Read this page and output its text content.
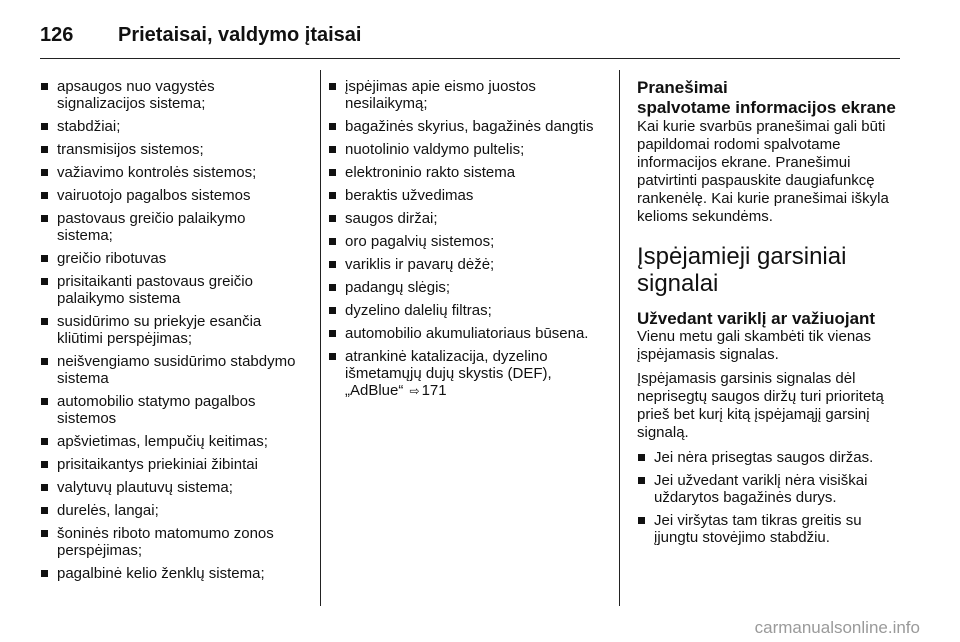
126	Prietaisai, valdymo įtaisai
apsaugos nuo vagystės signalizacijos sistema;
stabdžiai;
transmisijos sistemos;
važiavimo kontrolės sistemos;
vairuotojo pagalbos sistemos
pastovaus greičio palaikymo sistema;
greičio ribotuvas
prisitaikanti pastovaus greičio palaikymo sistema
susidūrimo su priekyje esančia kliūtimi perspėjimas;
neišvengiamo susidūrimo stabdymo sistema
automobilio statymo pagalbos sistemos
apšvietimas, lempučių keitimas;
prisitaikantys priekiniai žibintai
valytuvų plautuvų sistema;
durelės, langai;
šoninės riboto matomumo zonos perspėjimas;
pagalbinė kelio ženklų sistema;
įspėjimas apie eismo juostos nesilaikymą;
bagažinės skyrius, bagažinės dangtis
nuotolinio valdymo pultelis;
elektroninio rakto sistema
beraktis užvedimas
saugos diržai;
oro pagalvių sistemos;
variklis ir pavarų dėžė;
padangų slėgis;
dyzelino dalelių filtras;
automobilio akumuliatoriaus būsena.
atrankinė katalizacija, dyzelino išmetamųjų dujų skystis (DEF), „AdBlue“ ⇨ 171
Pranešimai
spalvotame informacijos ekrane

Kai kurie svarbūs pranešimai gali būti papildomai rodomi spalvotame informacijos ekrane. Pranešimui patvirtinti paspauskite daugiafunkcę rankenėlę. Kai kurie pranešimai iškyla kelioms sekundėms.

Įspėjamieji garsiniai
signalai
Užvedant variklį ar važiuojant

Vienu metu gali skambėti tik vienas įspėjamasis signalas.

Įspėjamasis garsinis signalas dėl neprisegtų saugos diržų turi prioritetą prieš bet kurį kitą įspėjamąjį garsinį signalą.

Jei nėra prisegtas saugos diržas.
Jei užvedant variklį nėra visiškai uždarytos bagažinės durys.
Jei viršytas tam tikras greitis su įjungtu stovėjimo stabdžiu.
carmanualsonline.info
